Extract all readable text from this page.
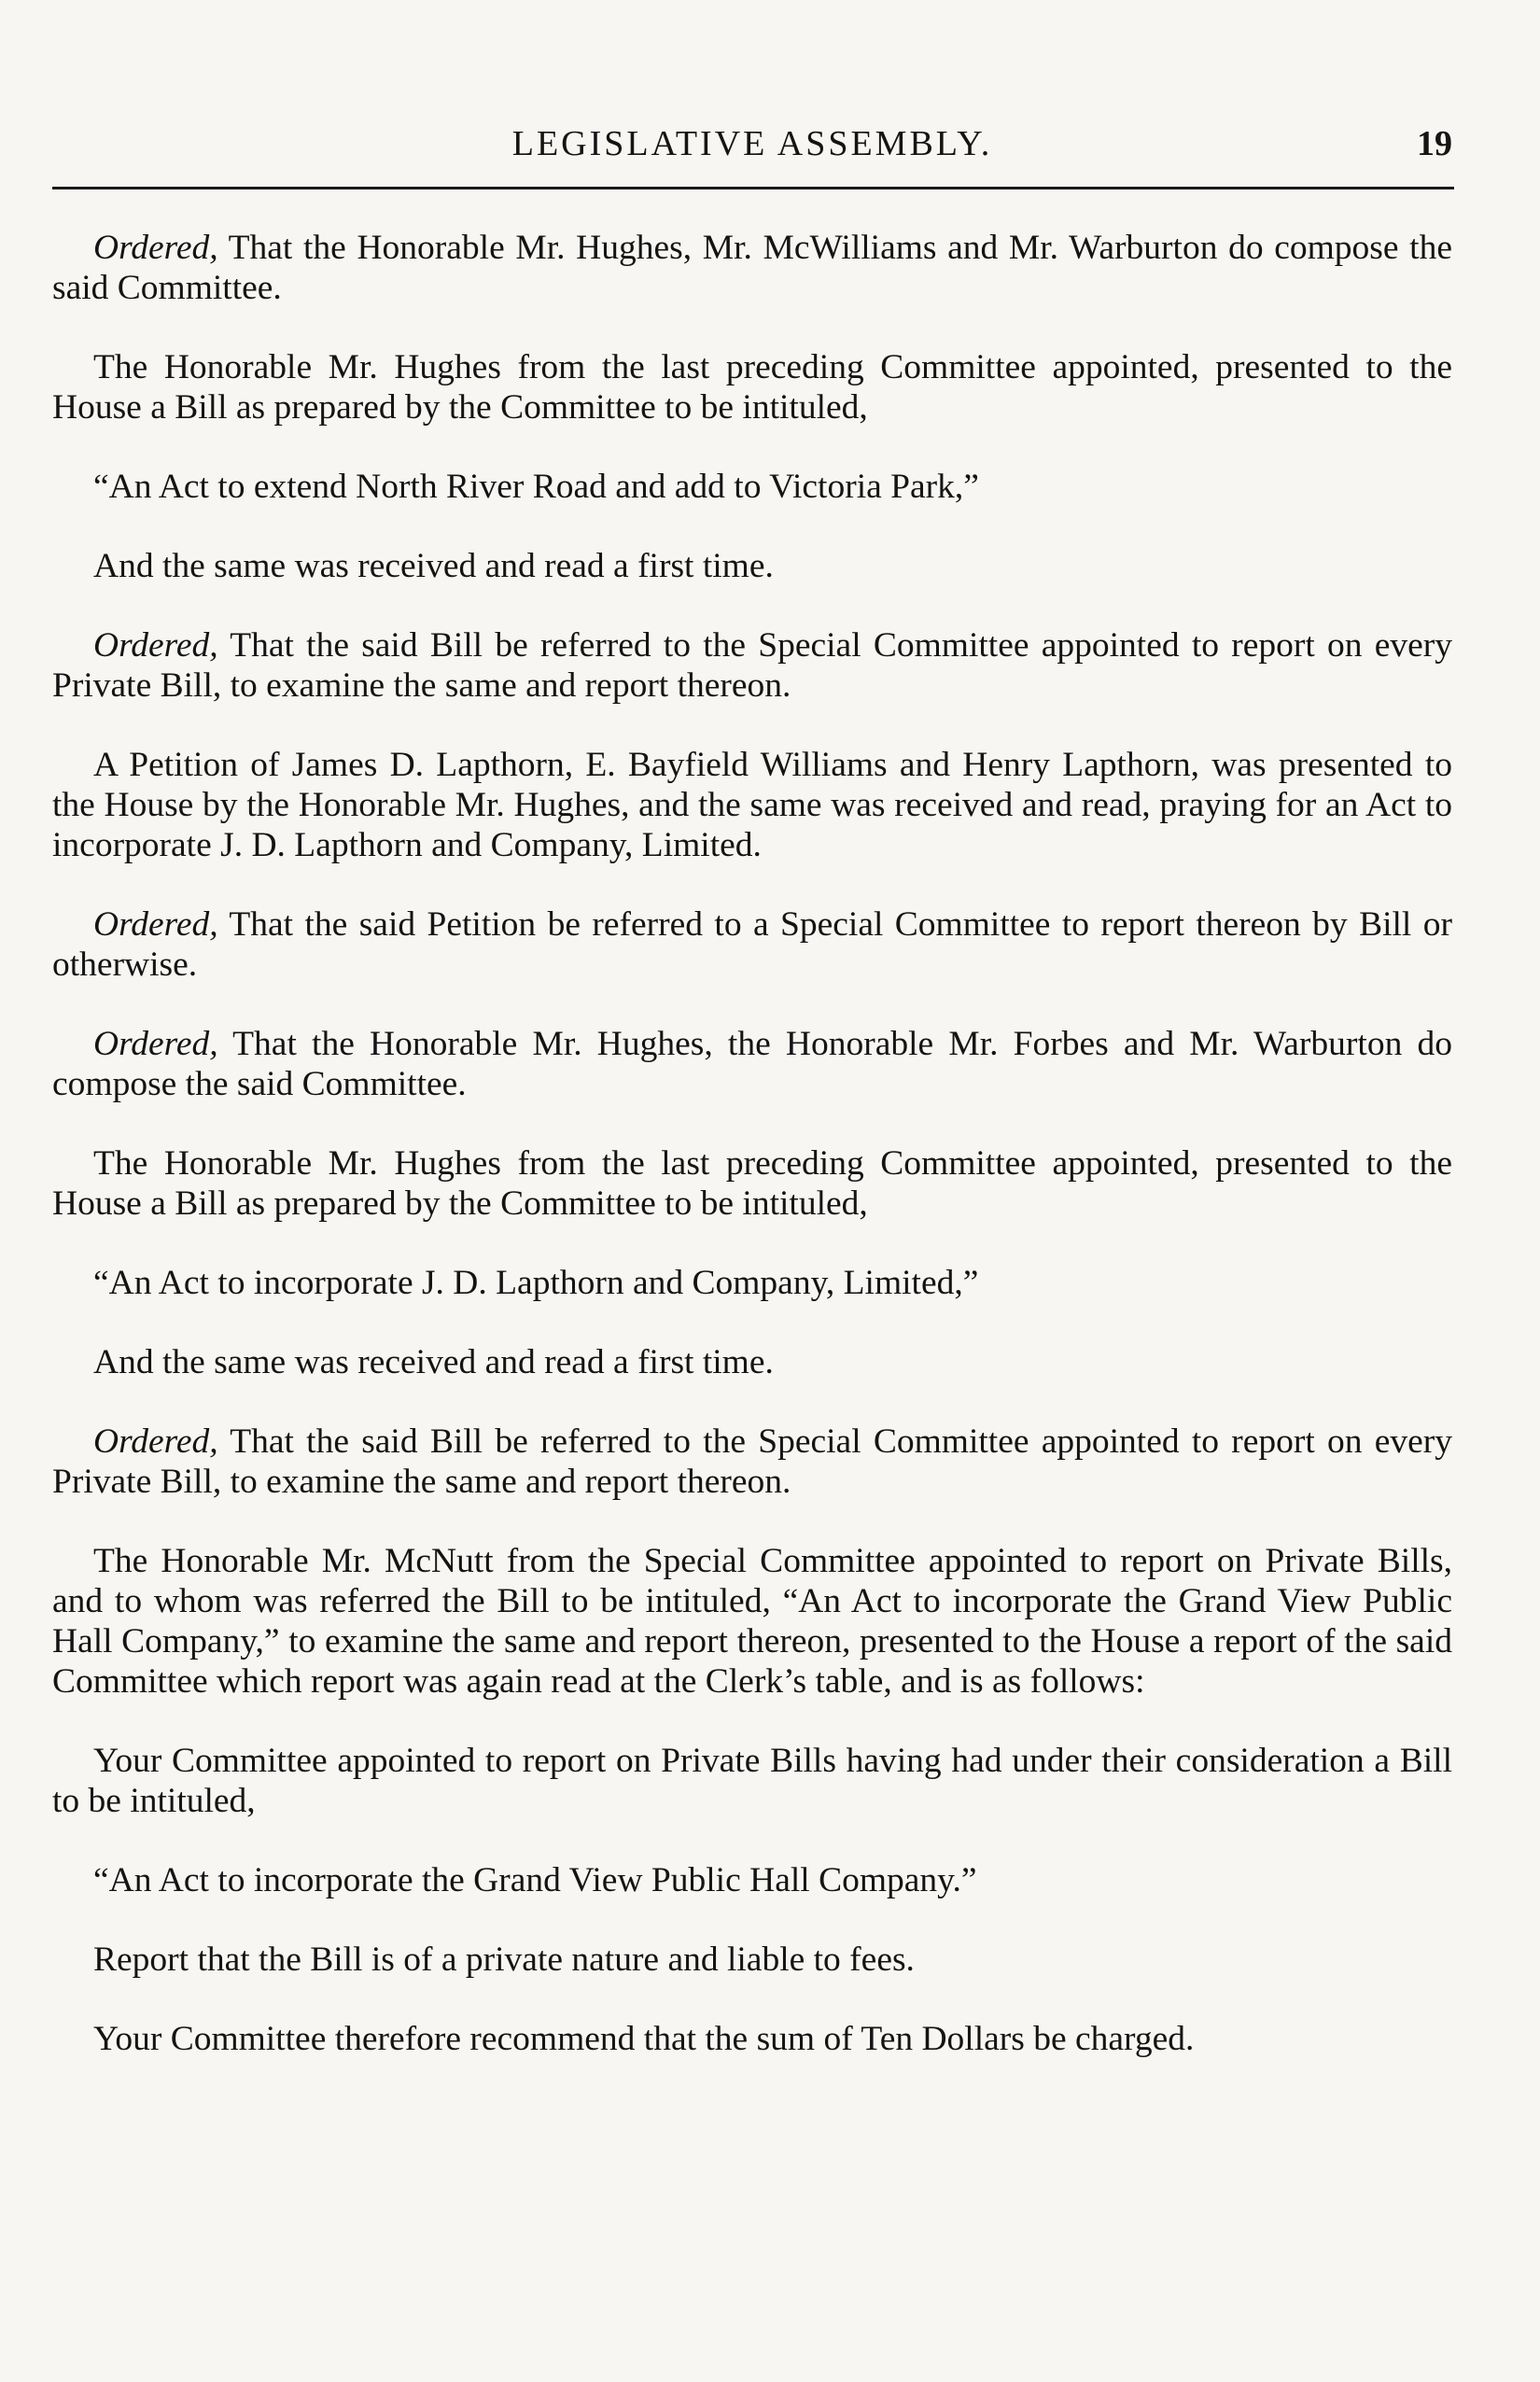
LEGISLATIVE ASSEMBLY.	19

Ordered, That the Honorable Mr. Hughes, Mr. McWilliams and Mr. Warburton do compose the said Committee.

The Honorable Mr. Hughes from the last preceding Committee appointed, presented to the House a Bill as prepared by the Committee to be intituled,

“An Act to extend North River Road and add to Victoria Park,”

And the same was received and read a first time.

Ordered, That the said Bill be referred to the Special Committee appointed to report on every Private Bill, to examine the same and report thereon.

A Petition of James D. Lapthorn, E. Bayfield Williams and Henry Lapthorn, was presented to the House by the Honorable Mr. Hughes, and the same was received and read, praying for an Act to incorporate J. D. Lapthorn and Company, Limited.

Ordered, That the said Petition be referred to a Special Committee to report thereon by Bill or otherwise.

Ordered, That the Honorable Mr. Hughes, the Honorable Mr. Forbes and Mr. Warburton do compose the said Committee.

The Honorable Mr. Hughes from the last preceding Committee appointed, presented to the House a Bill as prepared by the Committee to be intituled,

“An Act to incorporate J. D. Lapthorn and Company, Limited,”

And the same was received and read a first time.

Ordered, That the said Bill be referred to the Special Committee appointed to report on every Private Bill, to examine the same and report thereon.

The Honorable Mr. McNutt from the Special Committee appointed to report on Private Bills, and to whom was referred the Bill to be intituled, “An Act to incorporate the Grand View Public Hall Company,” to examine the same and report thereon, presented to the House a report of the said Committee which report was again read at the Clerk’s table, and is as follows:

Your Committee appointed to report on Private Bills having had under their consideration a Bill to be intituled,

“An Act to incorporate the Grand View Public Hall Company.”

Report that the Bill is of a private nature and liable to fees.

Your Committee therefore recommend that the sum of Ten Dollars be charged.
